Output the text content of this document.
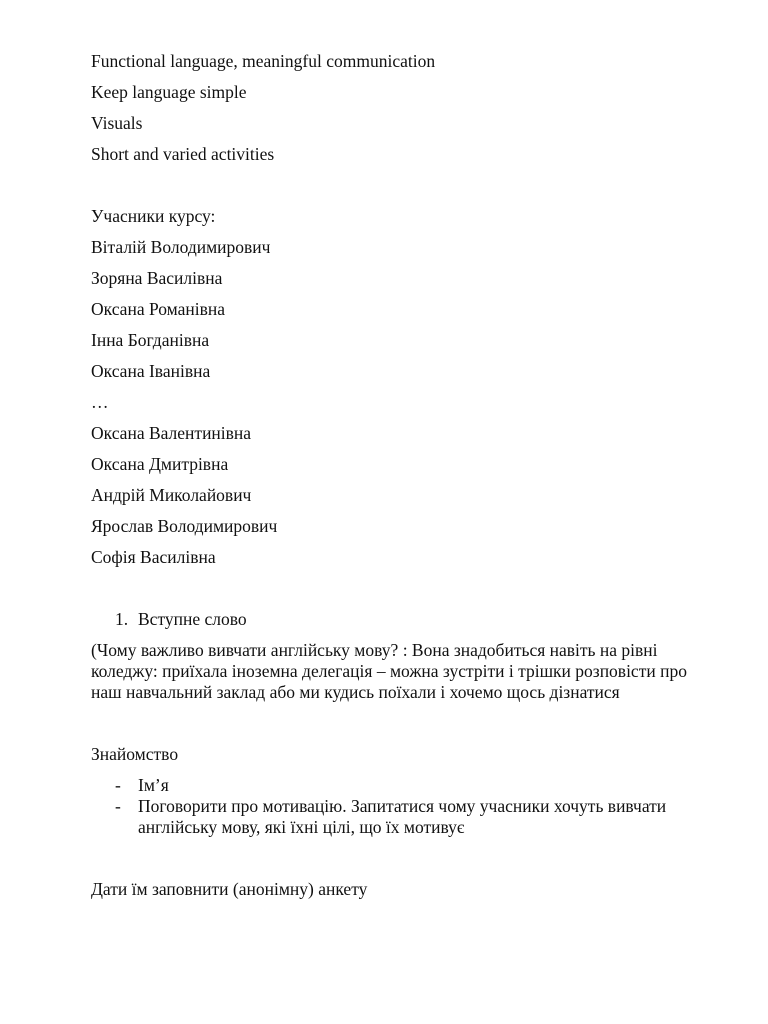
Functional language, meaningful communication

Keep language simple

Visuals

Short and varied activities

Учасники курсу:

Віталій Володимирович

Зоряна Василівна

Оксана Романівна

Інна Богданівна

Оксана Іванівна

…

Оксана Валентинівна

Оксана Дмитрівна

Андрій Миколайович

Ярослав Володимирович

Софія Василівна

1. Вступне слово

(Чому важливо вивчати англійську мову? : Вона знадобиться навіть на рівні коледжу: приїхала іноземна делегація – можна зустріти і трішки розповісти про наш навчальний заклад або ми кудись поїхали і хочемо щось дізнатися

Знайомство

- Ім’я
- Поговорити про мотивацію. Запитатися чому учасники хочуть вивчати англійську мову, які їхні цілі, що їх мотивує

Дати їм заповнити (анонімну) анкету
